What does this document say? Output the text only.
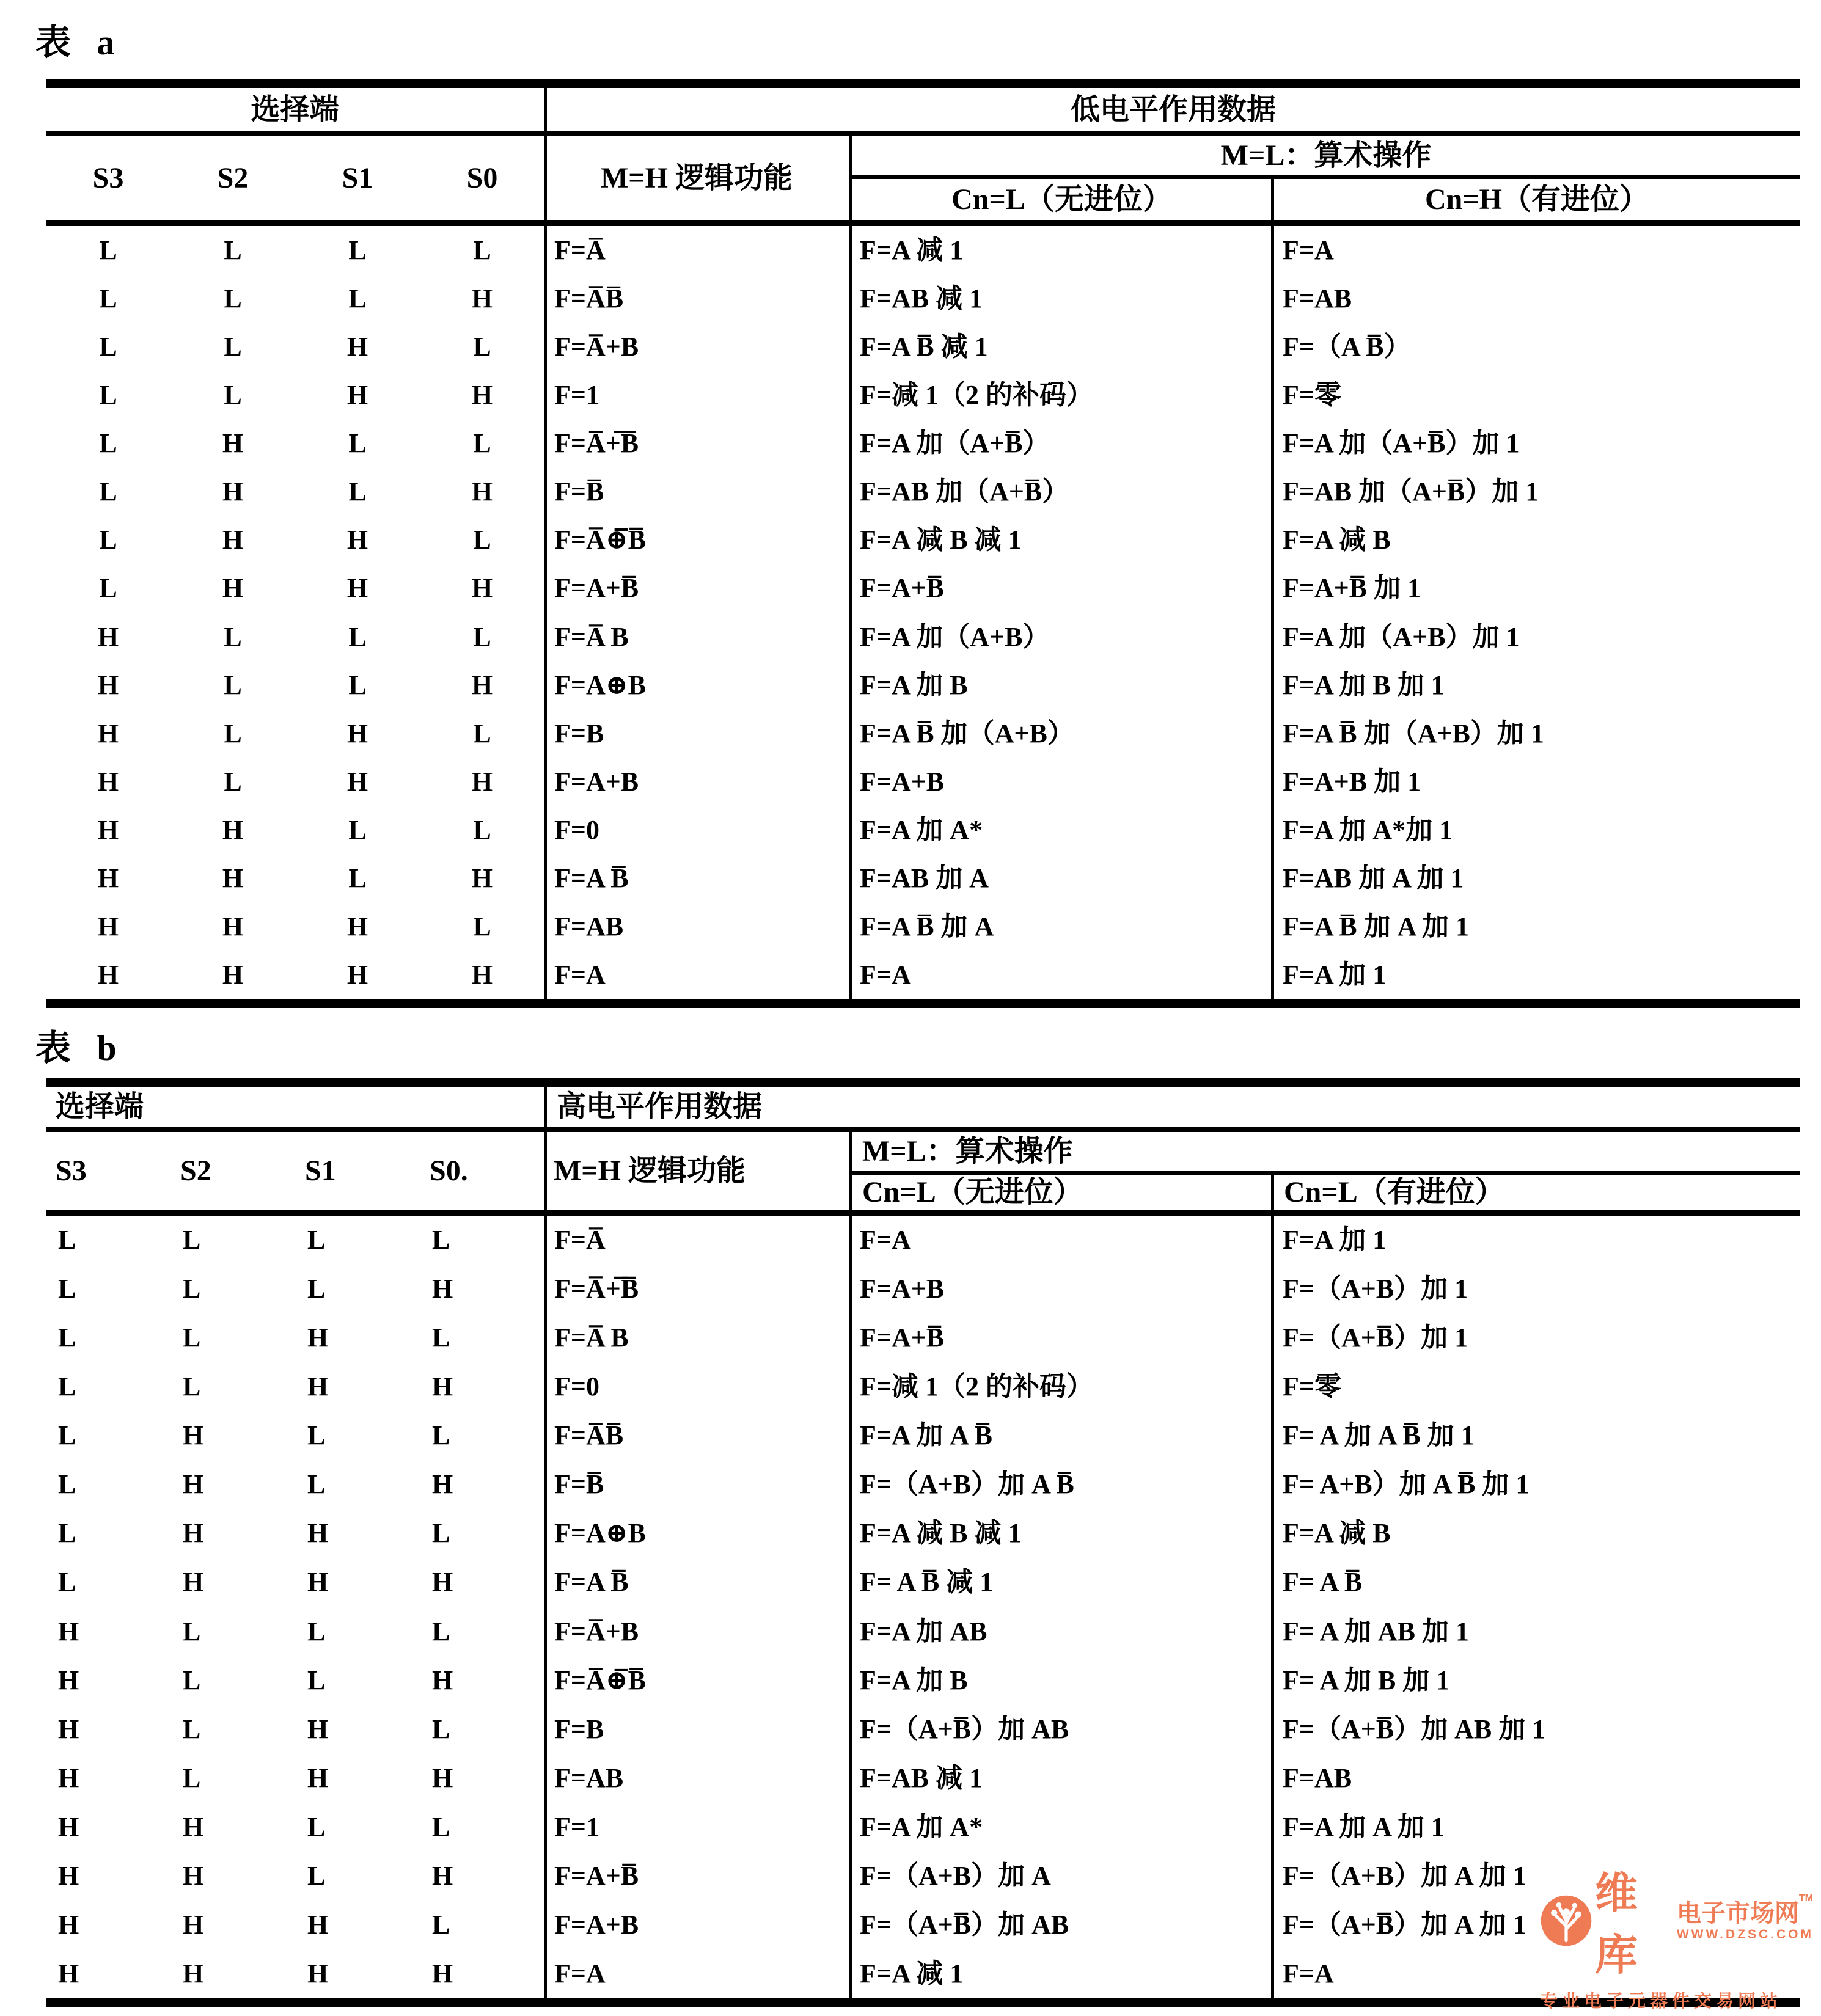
表 a
选择端	低电平作用数据
S3	S2	S1	S0	M=H 逻辑功能
M=L：算术操作
Cn=L（无进位）	Cn=H（有进位）
L	L	L	L	F=A̅	F=A 减 1	F=A
L	L	L	H	F=A̅B̅	F=AB 减 1	F=AB
L	L	H	L	F=A̅+B	F=A B̅ 减 1	F=（A B̅）
L	L	H	H	F=1	F=减 1（2 的补码）	F=零
L	H	L	L	F=A̅+̅B̅	F=A 加（A+B̅）	F=A 加（A+B̅）加 1
L	H	L	H	F=B̅	F=AB 加（A+B̅）	F=AB 加（A+B̅）加 1
L	H	H	L	F=A̅⊕̅B̅	F=A 减 B 减 1	F=A 减 B
L	H	H	H	F=A+B̅	F=A+B̅	F=A+B̅ 加 1
H	L	L	L	F=A̅ B	F=A 加（A+B）	F=A 加（A+B）加 1
H	L	L	H	F=A⊕B	F=A 加 B	F=A 加 B 加 1
H	L	H	L	F=B	F=A B̅ 加（A+B）	F=A B̅ 加（A+B）加 1
H	L	H	H	F=A+B	F=A+B	F=A+B 加 1
H	H	L	L	F=0	F=A 加 A*	F=A 加 A*加 1
H	H	L	H	F=A B̅	F=AB 加 A	F=AB 加 A 加 1
H	H	H	L	F=AB	F=A B̅ 加 A	F=A B̅ 加 A 加 1
H	H	H	H	F=A	F=A	F=A 加 1
表 b
选择端	高电平作用数据
S3	S2	S1	S0.	M=H 逻辑功能
M=L：算术操作
Cn=L（无进位）	Cn=L（有进位）
L	L	L	L	F=A̅	F=A	F=A 加 1
L	L	L	H	F=A̅+̅B̅	F=A+B	F=（A+B）加 1
L	L	H	L	F=A̅ B	F=A+B̅	F=（A+B̅）加 1
L	L	H	H	F=0	F=减 1（2 的补码）	F=零
L	H	L	L	F=A̅B̅	F=A 加 A B̅	F= A 加 A B̅ 加 1
L	H	L	H	F=B̅	F=（A+B）加 A B̅	F= A+B）加 A B̅ 加 1
L	H	H	L	F=A⊕B	F=A 减 B 减 1	F=A 减 B
L	H	H	H	F=A B̅	F= A B̅ 减 1	F= A B̅
H	L	L	L	F=A̅+B	F=A 加 AB	F= A 加 AB 加 1
H	L	L	H	F=A̅⊕̅B̅	F=A 加 B	F= A 加 B 加 1
H	L	H	L	F=B	F=（A+B̅）加 AB	F=（A+B̅）加 AB 加 1
H	L	H	H	F=AB	F=AB 减 1	F=AB
H	H	L	L	F=1	F=A 加 A*	F=A 加 A 加 1
H	H	L	H	F=A+B̅	F=（A+B）加 A	F=（A+B）加 A 加 1
H	H	H	L	F=A+B	F=（A+B̅）加 AB	F=（A+B̅）加 A 加 1
H	H	H	H	F=A	F=A 减 1	F=A
维库
电子市场网™
WWW.DZSC.COM
专业电子元器件交易网站
